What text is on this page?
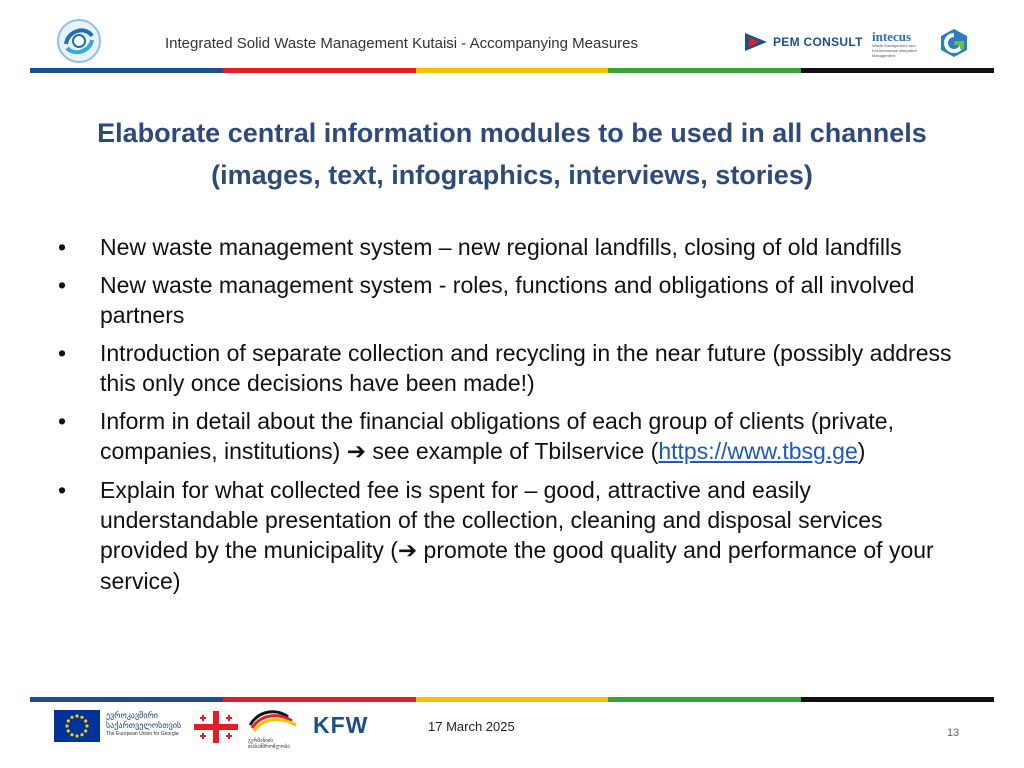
Integrated Solid Waste Management Kutaisi - Accompanying Measures	PEM CONSULT intecus
Waste Management and Environmental Integrated Management
Elaborate central information modules to be used in all channels (images, text, infographics, interviews, stories)
• New waste management system – new regional landfills, closing of old landfills
• New waste management system - roles, functions and obligations of all involved partners
• Introduction of separate collection and recycling in the near future (possibly address this only once decisions have been made!)
• Inform in detail about the financial obligations of each group of clients (private, companies, institutions) ➔ see example of Tbilservice (https://www.tbsg.ge)
• Explain for what collected fee is spent for – good, attractive and easily understandable presentation of the collection, cleaning and disposal services provided by the municipality (➔ promote the good quality and performance of your service)
ევროკავშირი
საქართველოსთვის
The European Union for Georgia
გერმანიის თანამშრომლობა
KFW	17 March 2025	13
